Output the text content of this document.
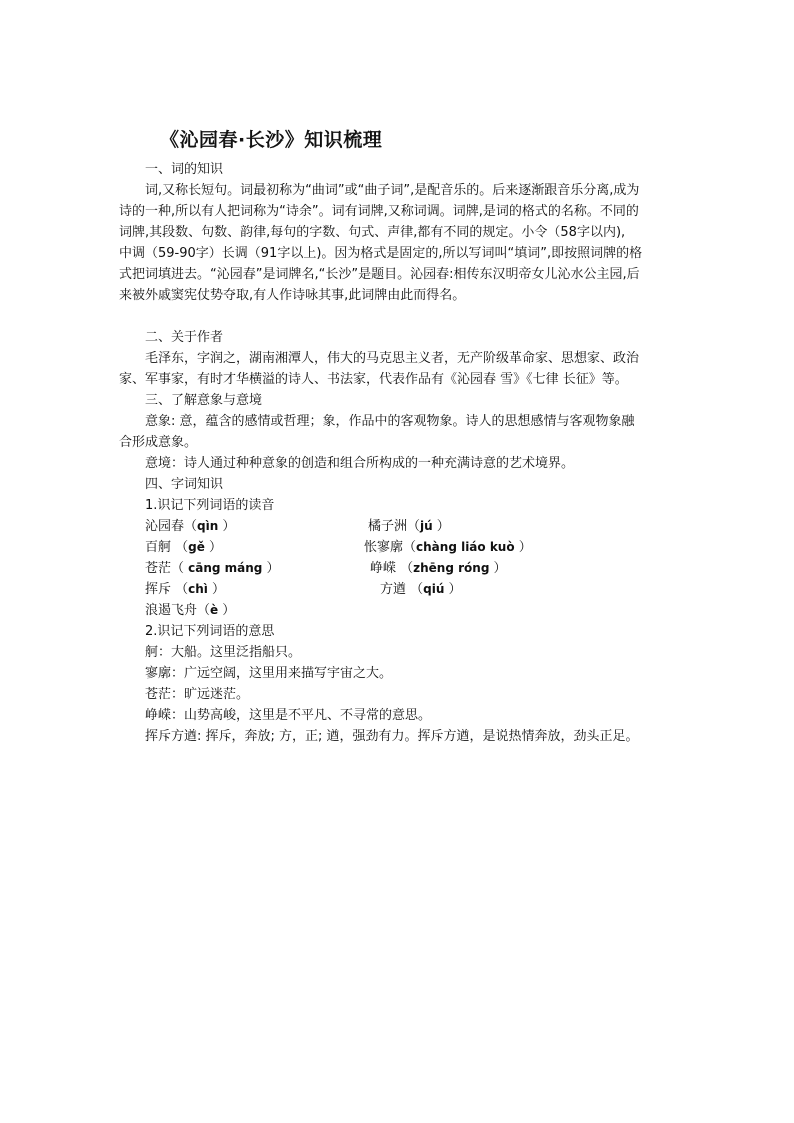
《沁园春·长沙》知识梳理
一、词的知识
词,又称长短句。词最初称为“曲词”或“曲子词”,是配音乐的。后来逐渐跟音乐分离,成为
诗的一种,所以有人把词称为“诗余”。词有词牌,又称词调。词牌,是词的格式的名称。不同的
词牌,其段数、句数、韵律,每句的字数、句式、声律,都有不同的规定。小令（58字以内),
中调（59-90字）长调（91字以上)。因为格式是固定的,所以写词叫“填词”,即按照词牌的格
式把词填进去。“沁园春”是词牌名,“长沙”是题目。沁园春:相传东汉明帝女儿沁水公主园,后
来被外戚窦宪仗势夺取,有人作诗咏其事,此词牌由此而得名。
二、关于作者
毛泽东，字润之，湖南湘潭人，伟大的马克思主义者，无产阶级革命家、思想家、政治
家、军事家，有时才华横溢的诗人、书法家，代表作品有《沁园春 雪》《七律 长征》等。
三、了解意象与意境
意象: 意，蕴含的感情或哲理；象，作品中的客观物象。诗人的思想感情与客观物象融
合形成意象。
意境：诗人通过种种意象的创造和组合所构成的一种充满诗意的艺术境界。
四、字词知识
1.识记下列词语的读音
沁园春（qìn ）	橘子洲（jú ）
百舸 （gě ）	怅寥廓（chàng liáo kuò ）
苍茫（ cāng máng ）	峥嵘 （zhēng róng ）
挥斥 （chì ）	方遒 （qiú ）
浪遏飞舟（è ）
2.识记下列词语的意思
舸：大船。这里泛指船只。
寥廓：广远空阔，这里用来描写宇宙之大。
苍茫：旷远迷茫。
峥嵘：山势高峻，这里是不平凡、不寻常的意思。
挥斥方遒: 挥斥，奔放; 方，正; 遒，强劲有力。挥斥方遒，是说热情奔放，劲头正足。
